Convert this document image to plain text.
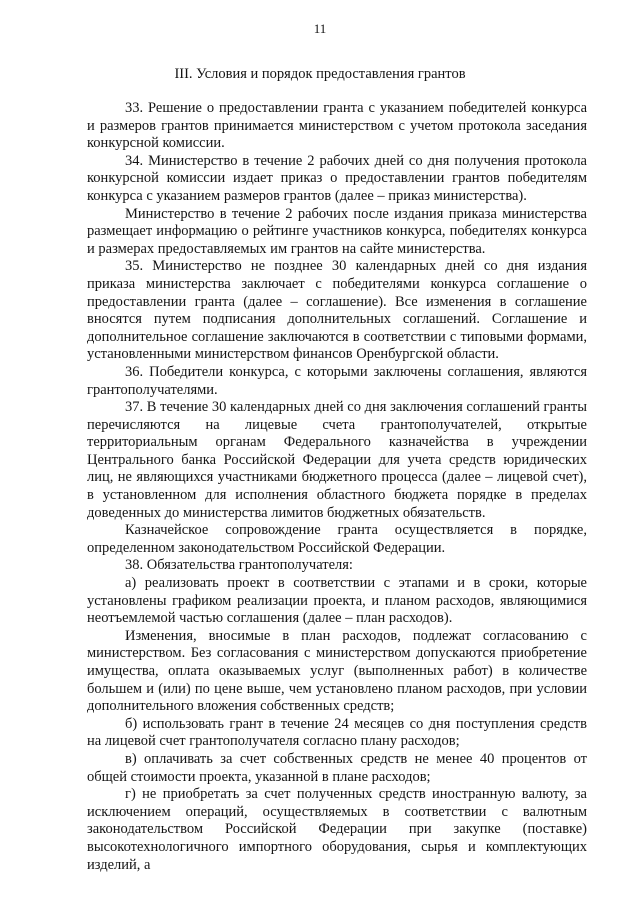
11
III. Условия и порядок предоставления грантов

33. Решение о предоставлении гранта с указанием победителей конкурса и размеров грантов принимается министерством с учетом протокола заседания конкурсной комиссии.

34. Министерство в течение 2 рабочих дней со дня получения протокола конкурсной комиссии издает приказ о предоставлении грантов победителям конкурса с указанием размеров грантов (далее – приказ министерства).

Министерство в течение 2 рабочих после издания приказа министерства размещает информацию о рейтинге участников конкурса, победителях конкурса и размерах предоставляемых им грантов на сайте министерства.

35. Министерство не позднее 30 календарных дней со дня издания приказа министерства заключает с победителями конкурса соглашение о предоставлении гранта (далее – соглашение). Все изменения в соглашение вносятся путем подписания дополнительных соглашений. Соглашение и дополнительное соглашение заключаются в соответствии с типовыми формами, установленными министерством финансов Оренбургской области.

36. Победители конкурса, с которыми заключены соглашения, являются грантополучателями.

37. В течение 30 календарных дней со дня заключения соглашений гранты перечисляются на лицевые счета грантополучателей, открытые территориальным органам Федерального казначейства в учреждении Центрального банка Российской Федерации для учета средств юридических лиц, не являющихся участниками бюджетного процесса (далее – лицевой счет), в установленном для исполнения областного бюджета порядке в пределах доведенных до министерства лимитов бюджетных обязательств.

Казначейское сопровождение гранта осуществляется в порядке, определенном законодательством Российской Федерации.

38. Обязательства грантополучателя:

а) реализовать проект в соответствии с этапами и в сроки, которые установлены графиком реализации проекта, и планом расходов, являющимися неотъемлемой частью соглашения (далее – план расходов).

Изменения, вносимые в план расходов, подлежат согласованию с министерством. Без согласования с министерством допускаются приобретение имущества, оплата оказываемых услуг (выполненных работ) в количестве большем и (или) по цене выше, чем установлено планом расходов, при условии дополнительного вложения собственных средств;

б) использовать грант в течение 24 месяцев со дня поступления средств на лицевой счет грантополучателя согласно плану расходов;

в) оплачивать за счет собственных средств не менее 40 процентов от общей стоимости проекта, указанной в плане расходов;

г) не приобретать за счет полученных средств иностранную валюту, за исключением операций, осуществляемых в соответствии с валютным законодательством Российской Федерации при закупке (поставке) высокотехнологичного импортного оборудования, сырья и комплектующих изделий, а
